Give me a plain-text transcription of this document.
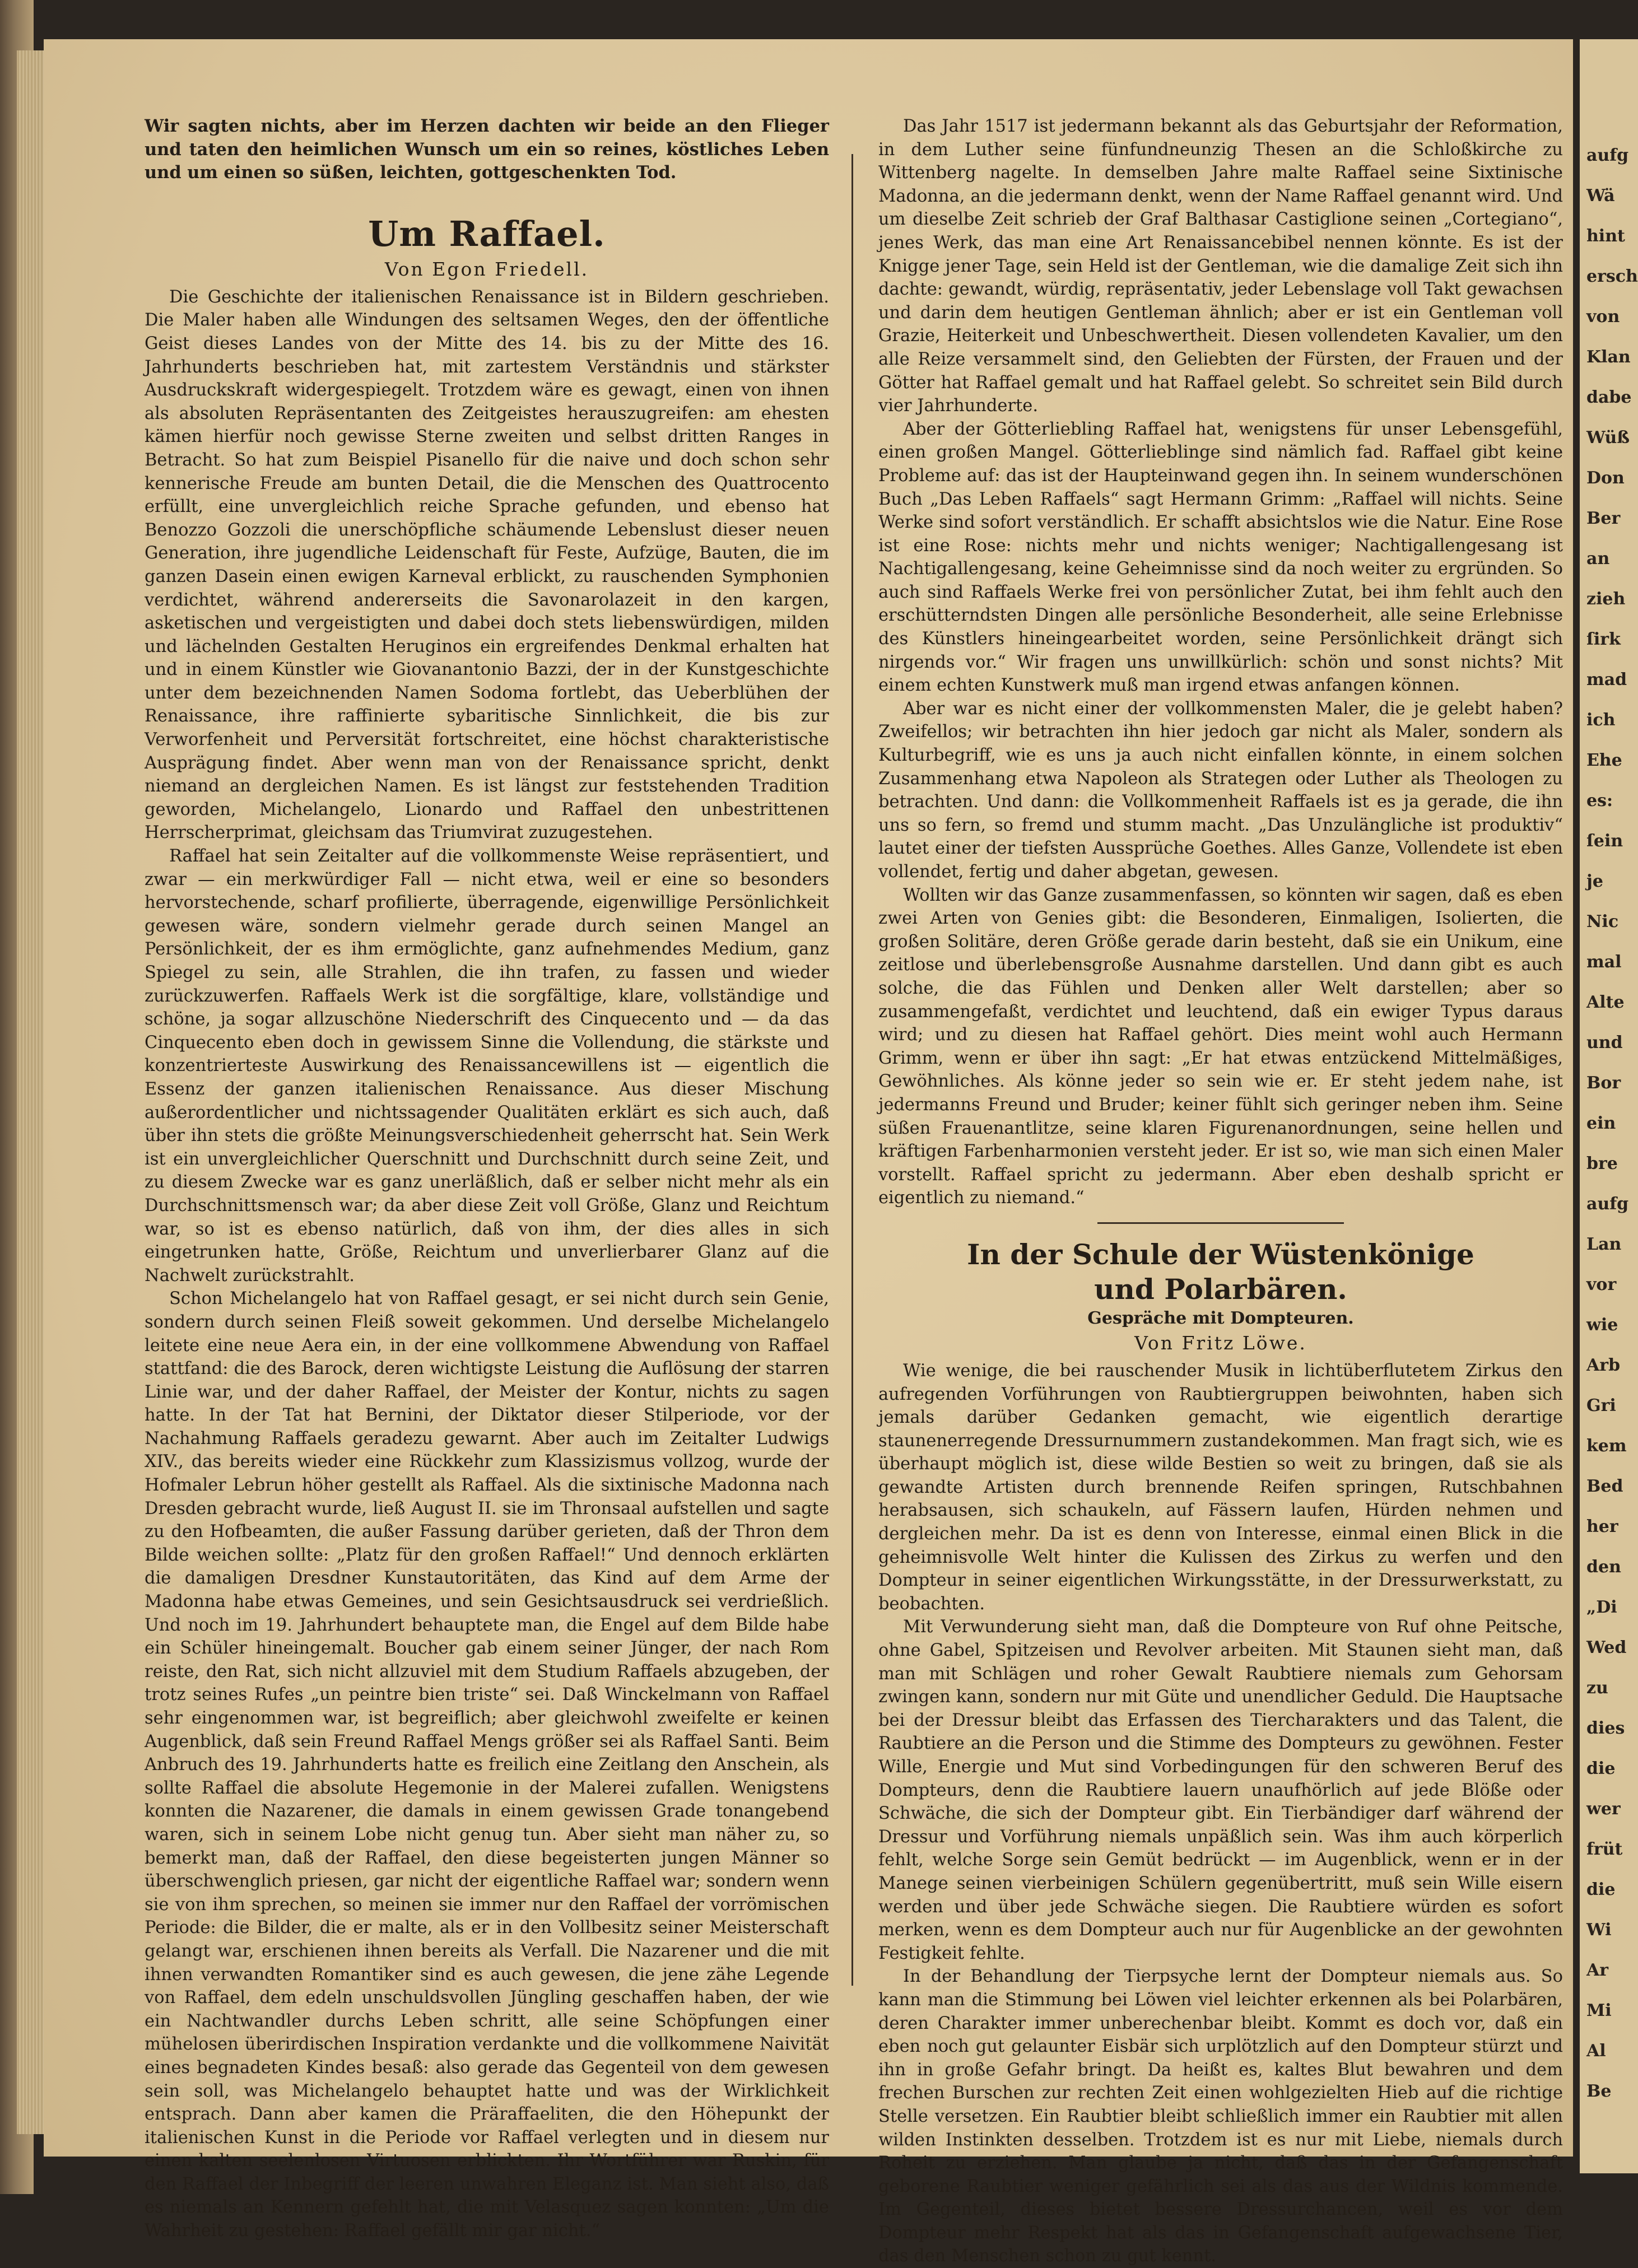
aufg
Wä
hint
ersch
von
Klan
dabe
Wüß
Don
Ber
an
zieh
ſirk
mad
ich
Ehe
es:
ſein
je
Nic
mal
Alte
und
Bor
ein
bre
aufg
Lan
vor
wie
Arb
Gri
kem
Bed
her
den
„Di
Wed
zu
dies
die
wer
früt
die
Wi
Ar
Mi
Al
Be

Wir sagten nichts, aber im Herzen dachten wir beide an den Flieger und taten den heimlichen Wunsch um ein so reines, köstliches Leben und um einen so süßen, leichten, gottgeschenkten Tod.

Um Raffael.
Von Egon Friedell.

Die Geschichte der italienischen Renaissance ist in Bildern geschrieben. Die Maler haben alle Windungen des seltsamen Weges, den der öffentliche Geist dieses Landes von der Mitte des 14. bis zu der Mitte des 16. Jahrhunderts beschrieben hat, mit zartestem Verständnis und stärkster Ausdruckskraft widergespiegelt. Trotzdem wäre es gewagt, einen von ihnen als absoluten Repräsentanten des Zeitgeistes herauszugreifen: am ehesten kämen hierfür noch gewisse Sterne zweiten und selbst dritten Ranges in Betracht. So hat zum Beispiel Pisanello für die naive und doch schon sehr kennerische Freude am bunten Detail, die die Menschen des Quattrocento erfüllt, eine unvergleichlich reiche Sprache gefunden, und ebenso hat Benozzo Gozzoli die unerschöpfliche schäumende Lebenslust dieser neuen Generation, ihre jugendliche Leidenschaft für Feste, Aufzüge, Bauten, die im ganzen Dasein einen ewigen Karneval erblickt, zu rauschenden Symphonien verdichtet, während andererseits die Savonarolazeit in den kargen, asketischen und vergeistigten und dabei doch stets liebenswürdigen, milden und lächelnden Gestalten Heruginos ein ergreifendes Denkmal erhalten hat und in einem Künstler wie Giovanantonio Bazzi, der in der Kunstgeschichte unter dem bezeichnenden Namen Sodoma fortlebt, das Ueberblühen der Renaissance, ihre raffinierte sybaritische Sinnlichkeit, die bis zur Verworfenheit und Perversität fortschreitet, eine höchst charakteristische Ausprägung findet. Aber wenn man von der Renaissance spricht, denkt niemand an dergleichen Namen. Es ist längst zur feststehenden Tradition geworden, Michelangelo, Lionardo und Raffael den unbestrittenen Herrscherprimat, gleichsam das Triumvirat zuzugestehen.

Raffael hat sein Zeitalter auf die vollkommenste Weise repräsentiert, und zwar — ein merkwürdiger Fall — nicht etwa, weil er eine so besonders hervorstechende, scharf profilierte, überragende, eigenwillige Persönlichkeit gewesen wäre, sondern vielmehr gerade durch seinen Mangel an Persönlichkeit, der es ihm ermöglichte, ganz aufnehmendes Medium, ganz Spiegel zu sein, alle Strahlen, die ihn trafen, zu fassen und wieder zurückzuwerfen. Raffaels Werk ist die sorgfältige, klare, vollständige und schöne, ja sogar allzuschöne Niederschrift des Cinquecento und — da das Cinquecento eben doch in gewissem Sinne die Vollendung, die stärkste und konzentrierteste Auswirkung des Renaissancewillens ist — eigentlich die Essenz der ganzen italienischen Renaissance. Aus dieser Mischung außerordentlicher und nichtssagender Qualitäten erklärt es sich auch, daß über ihn stets die größte Meinungsverschiedenheit geherrscht hat. Sein Werk ist ein unvergleichlicher Querschnitt und Durchschnitt durch seine Zeit, und zu diesem Zwecke war es ganz unerläßlich, daß er selber nicht mehr als ein Durchschnittsmensch war; da aber diese Zeit voll Größe, Glanz und Reichtum war, so ist es ebenso natürlich, daß von ihm, der dies alles in sich eingetrunken hatte, Größe, Reichtum und unverlierbarer Glanz auf die Nachwelt zurückstrahlt.

Schon Michelangelo hat von Raffael gesagt, er sei nicht durch sein Genie, sondern durch seinen Fleiß soweit gekommen. Und derselbe Michelangelo leitete eine neue Aera ein, in der eine vollkommene Abwendung von Raffael stattfand: die des Barock, deren wichtigste Leistung die Auflösung der starren Linie war, und der daher Raffael, der Meister der Kontur, nichts zu sagen hatte. In der Tat hat Bernini, der Diktator dieser Stilperiode, vor der Nachahmung Raffaels geradezu gewarnt. Aber auch im Zeitalter Ludwigs XIV., das bereits wieder eine Rückkehr zum Klassizismus vollzog, wurde der Hofmaler Lebrun höher gestellt als Raffael. Als die sixtinische Madonna nach Dresden gebracht wurde, ließ August II. sie im Thronsaal aufstellen und sagte zu den Hofbeamten, die außer Fassung darüber gerieten, daß der Thron dem Bilde weichen sollte: „Platz für den großen Raffael!“ Und dennoch erklärten die damaligen Dresdner Kunstautoritäten, das Kind auf dem Arme der Madonna habe etwas Gemeines, und sein Gesichtsausdruck sei verdrießlich. Und noch im 19. Jahrhundert behauptete man, die Engel auf dem Bilde habe ein Schüler hineingemalt. Boucher gab einem seiner Jünger, der nach Rom reiste, den Rat, sich nicht allzuviel mit dem Studium Raffaels abzugeben, der trotz seines Rufes „un peintre bien triste“ sei. Daß Winckelmann von Raffael sehr eingenommen war, ist begreiflich; aber gleichwohl zweifelte er keinen Augenblick, daß sein Freund Raffael Mengs größer sei als Raffael Santi. Beim Anbruch des 19. Jahrhunderts hatte es freilich eine Zeitlang den Anschein, als sollte Raffael die absolute Hegemonie in der Malerei zufallen. Wenigstens konnten die Nazarener, die damals in einem gewissen Grade tonangebend waren, sich in seinem Lobe nicht genug tun. Aber sieht man näher zu, so bemerkt man, daß der Raffael, den diese begeisterten jungen Männer so überschwenglich priesen, gar nicht der eigentliche Raffael war; sondern wenn sie von ihm sprechen, so meinen sie immer nur den Raffael der vorrömischen Periode: die Bilder, die er malte, als er in den Vollbesitz seiner Meisterschaft gelangt war, erschienen ihnen bereits als Verfall. Die Nazarener und die mit ihnen verwandten Romantiker sind es auch gewesen, die jene zähe Legende von Raffael, dem edeln unschuldsvollen Jüngling geschaffen haben, der wie ein Nachtwandler durchs Leben schritt, alle seine Schöpfungen einer mühelosen überirdischen Inspiration verdankte und die vollkommene Naivität eines begnadeten Kindes besaß: also gerade das Gegenteil von dem gewesen sein soll, was Michelangelo behauptet hatte und was der Wirklichkeit entsprach. Dann aber kamen die Präraffaeliten, die den Höhepunkt der italienischen Kunst in die Periode vor Raffael verlegten und in diesem nur einen kalten seelenlosen Virtuosen erblickten. Ihr Wortführer war Ruskin, für den Raffael der Inbegriff der leeren unwahren Eleganz ist. Man sieht also, daß es niemals an Kennern gefehlt hat, die mit Velasquez sagen konnten: „Um die Wahrheit zu gestehen: Raffael gefällt mir gar nicht.“

Das Jahr 1517 ist jedermann bekannt als das Geburtsjahr der Reformation, in dem Luther seine fünfundneunzig Thesen an die Schloßkirche zu Wittenberg nagelte. In demselben Jahre malte Raffael seine Sixtinische Madonna, an die jedermann denkt, wenn der Name Raffael genannt wird. Und um dieselbe Zeit schrieb der Graf Balthasar Castiglione seinen „Cortegiano“, jenes Werk, das man eine Art Renaissancebibel nennen könnte. Es ist der Knigge jener Tage, sein Held ist der Gentleman, wie die damalige Zeit sich ihn dachte: gewandt, würdig, repräsentativ, jeder Lebenslage voll Takt gewachsen und darin dem heutigen Gentleman ähnlich; aber er ist ein Gentleman voll Grazie, Heiterkeit und Unbeschwertheit. Diesen vollendeten Kavalier, um den alle Reize versammelt sind, den Geliebten der Fürsten, der Frauen und der Götter hat Raffael gemalt und hat Raffael gelebt. So schreitet sein Bild durch vier Jahrhunderte.

Aber der Götterliebling Raffael hat, wenigstens für unser Lebensgefühl, einen großen Mangel. Götterlieblinge sind nämlich fad. Raffael gibt keine Probleme auf: das ist der Haupteinwand gegen ihn. In seinem wunderschönen Buch „Das Leben Raffaels“ sagt Hermann Grimm: „Raffael will nichts. Seine Werke sind sofort verständlich. Er schafft absichtslos wie die Natur. Eine Rose ist eine Rose: nichts mehr und nichts weniger; Nachtigallengesang ist Nachtigallengesang, keine Geheimnisse sind da noch weiter zu ergründen. So auch sind Raffaels Werke frei von persönlicher Zutat, bei ihm fehlt auch den erschütterndsten Dingen alle persönliche Besonderheit, alle seine Erlebnisse des Künstlers hineingearbeitet worden, seine Persönlichkeit drängt sich nirgends vor.“ Wir fragen uns unwillkürlich: schön und sonst nichts? Mit einem echten Kunstwerk muß man irgend etwas anfangen können.

Aber war es nicht einer der vollkommensten Maler, die je gelebt haben? Zweifellos; wir betrachten ihn hier jedoch gar nicht als Maler, sondern als Kulturbegriff, wie es uns ja auch nicht einfallen könnte, in einem solchen Zusammenhang etwa Napoleon als Strategen oder Luther als Theologen zu betrachten. Und dann: die Vollkommenheit Raffaels ist es ja gerade, die ihn uns so fern, so fremd und stumm macht. „Das Unzulängliche ist produktiv“ lautet einer der tiefsten Aussprüche Goethes. Alles Ganze, Vollendete ist eben vollendet, fertig und daher abgetan, gewesen.

Wollten wir das Ganze zusammenfassen, so könnten wir sagen, daß es eben zwei Arten von Genies gibt: die Besonderen, Einmaligen, Isolierten, die großen Solitäre, deren Größe gerade darin besteht, daß sie ein Unikum, eine zeitlose und überlebensgroße Ausnahme darstellen. Und dann gibt es auch solche, die das Fühlen und Denken aller Welt darstellen; aber so zusammengefaßt, verdichtet und leuchtend, daß ein ewiger Typus daraus wird; und zu diesen hat Raffael gehört. Dies meint wohl auch Hermann Grimm, wenn er über ihn sagt: „Er hat etwas entzückend Mittelmäßiges, Gewöhnliches. Als könne jeder so sein wie er. Er steht jedem nahe, ist jedermanns Freund und Bruder; keiner fühlt sich geringer neben ihm. Seine süßen Frauenantlitze, seine klaren Figurenanordnungen, seine hellen und kräftigen Farbenharmonien versteht jeder. Er ist so, wie man sich einen Maler vorstellt. Raffael spricht zu jedermann. Aber eben deshalb spricht er eigentlich zu niemand.“

In der Schule der Wüstenkönige
und Polarbären.
Gespräche mit Dompteuren.
Von Fritz Löwe.

Wie wenige, die bei rauschender Musik in lichtüberflutetem Zirkus den aufregenden Vorführungen von Raubtiergruppen beiwohnten, haben sich jemals darüber Gedanken gemacht, wie eigentlich derartige staunenerregende Dressurnummern zustandekommen. Man fragt sich, wie es überhaupt möglich ist, diese wilde Bestien so weit zu bringen, daß sie als gewandte Artisten durch brennende Reifen springen, Rutschbahnen herabsausen, sich schaukeln, auf Fässern laufen, Hürden nehmen und dergleichen mehr. Da ist es denn von Interesse, einmal einen Blick in die geheimnisvolle Welt hinter die Kulissen des Zirkus zu werfen und den Dompteur in seiner eigentlichen Wirkungsstätte, in der Dressurwerkstatt, zu beobachten.

Mit Verwunderung sieht man, daß die Dompteure von Ruf ohne Peitsche, ohne Gabel, Spitzeisen und Revolver arbeiten. Mit Staunen sieht man, daß man mit Schlägen und roher Gewalt Raubtiere niemals zum Gehorsam zwingen kann, sondern nur mit Güte und unendlicher Geduld. Die Hauptsache bei der Dressur bleibt das Erfassen des Tiercharakters und das Talent, die Raubtiere an die Person und die Stimme des Dompteurs zu gewöhnen. Fester Wille, Energie und Mut sind Vorbedingungen für den schweren Beruf des Dompteurs, denn die Raubtiere lauern unaufhörlich auf jede Blöße oder Schwäche, die sich der Dompteur gibt. Ein Tierbändiger darf während der Dressur und Vorführung niemals unpäßlich sein. Was ihm auch körperlich fehlt, welche Sorge sein Gemüt bedrückt — im Augenblick, wenn er in der Manege seinen vierbeinigen Schülern gegenübertritt, muß sein Wille eisern werden und über jede Schwäche siegen. Die Raubtiere würden es sofort merken, wenn es dem Dompteur auch nur für Augenblicke an der gewohnten Festigkeit fehlte.

In der Behandlung der Tierpsyche lernt der Dompteur niemals aus. So kann man die Stimmung bei Löwen viel leichter erkennen als bei Polarbären, deren Charakter immer unberechenbar bleibt. Kommt es doch vor, daß ein eben noch gut gelaunter Eisbär sich urplötzlich auf den Dompteur stürzt und ihn in große Gefahr bringt. Da heißt es, kaltes Blut bewahren und dem frechen Burschen zur rechten Zeit einen wohlgezielten Hieb auf die richtige Stelle versetzen. Ein Raubtier bleibt schließlich immer ein Raubtier mit allen wilden Instinkten desselben. Trotzdem ist es nur mit Liebe, niemals durch Roheit zu erziehen. Man glaube ja nicht, daß das in der Gefangenschaft geborene Raubtier weniger gefährlich sei als das aus der Wildnis kommende. Im Gegenteil, dieses bietet bessere Dressurchancen, weil es vor dem Dompteur mehr Respekt hat als das in Gefangenschaft aufgewachsene Tier, das den Menschen schon zu gut kennt.
